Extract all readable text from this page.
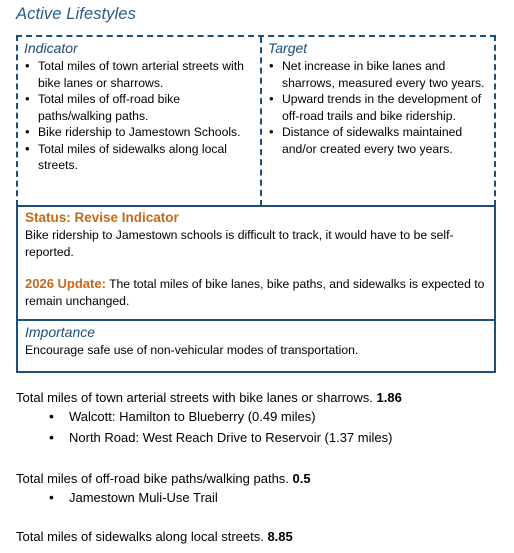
Active Lifestyles
Indicator
• Total miles of town arterial streets with bike lanes or sharrows.
• Total miles of off-road bike paths/walking paths.
• Bike ridership to Jamestown Schools.
• Total miles of sidewalks along local streets.
Target
• Net increase in bike lanes and sharrows, measured every two years.
• Upward trends in the development of off-road trails and bike ridership.
• Distance of sidewalks maintained and/or created every two years.
Status: Revise Indicator
Bike ridership to Jamestown schools is difficult to track, it would have to be self-reported.
2026 Update: The total miles of bike lanes, bike paths, and sidewalks is expected to remain unchanged.
Importance
Encourage safe use of non-vehicular modes of transportation.
Total miles of town arterial streets with bike lanes or sharrows. 1.86
• Walcott: Hamilton to Blueberry (0.49 miles)
• North Road: West Reach Drive to Reservoir (1.37 miles)
Total miles of off-road bike paths/walking paths. 0.5
• Jamestown Muli-Use Trail
Total miles of sidewalks along local streets. 8.85
